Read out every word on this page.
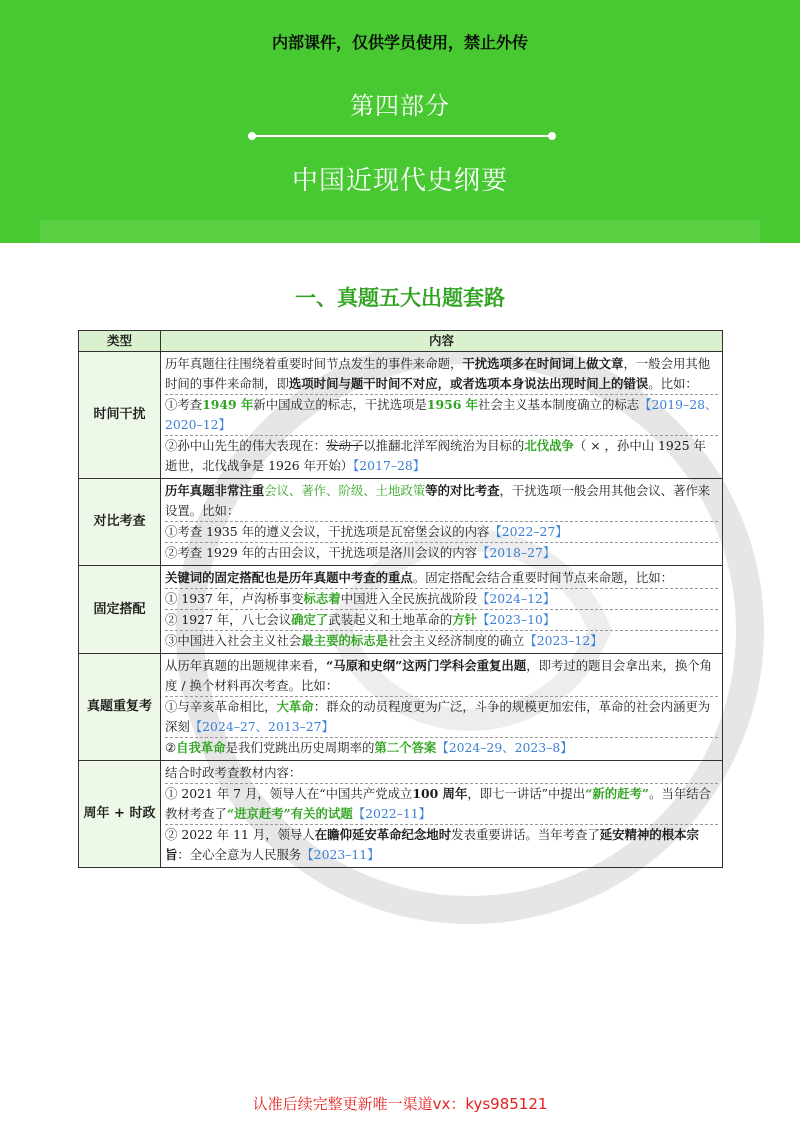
内部课件，仅供学员使用，禁止外传
第四部分
中国近现代史纲要
一、真题五大出题套路
类型	内容
时间干扰	历年真题往往围绕着重要时间节点发生的事件来命题，干扰选项多在时间词上做文章，一般会用其他时间的事件来命制，即选项时间与题干时间不对应，或者选项本身说法出现时间上的错误。比如：
①考查1949 年新中国成立的标志，干扰选项是1956 年社会主义基本制度确立的标志【2019–28、2020–12】
②孙中山先生的伟大表现在：发动了以推翻北洋军阀统治为目标的北伐战争（ × ，孙中山 1925 年逝世，北伐战争是 1926 年开始）【2017–28】

对比考查	历年真题非常注重会议、著作、阶级、土地政策等的对比考查，干扰选项一般会用其他会议、著作来设置。比如：
①考查 1935 年的遵义会议，干扰选项是瓦窑堡会议的内容【2022–27】
②考查 1929 年的古田会议，干扰选项是洛川会议的内容【2018–27】

固定搭配	关键词的固定搭配也是历年真题中考查的重点。固定搭配会结合重要时间节点来命题，比如：
① 1937 年，卢沟桥事变标志着中国进入全民族抗战阶段【2024–12】
② 1927 年，八七会议确定了武装起义和土地革命的方针【2023–10】
③中国进入社会主义社会最主要的标志是社会主义经济制度的确立【2023–12】

真题重复考	从历年真题的出题规律来看，“马原和史纲”这两门学科会重复出题，即考过的题目会拿出来，换个角度 / 换个材料再次考查。比如：
①与辛亥革命相比，大革命：群众的动员程度更为广泛，斗争的规模更加宏伟，革命的社会内涵更为深刻【2024–27、2013–27】
②自我革命是我们党跳出历史周期率的第二个答案【2024–29、2023–8】

周年 + 时政	结合时政考查教材内容：
① 2021 年 7 月，领导人在“中国共产党成立100 周年，即七一讲话”中提出“新的赶考”。当年结合教材考查了“进京赶考”有关的试题【2022–11】
② 2022 年 11 月，领导人在瞻仰延安革命纪念地时发表重要讲话。当年考查了延安精神的根本宗旨：全心全意为人民服务【2023–11】
认准后续完整更新唯一渠道vx：kys985121
